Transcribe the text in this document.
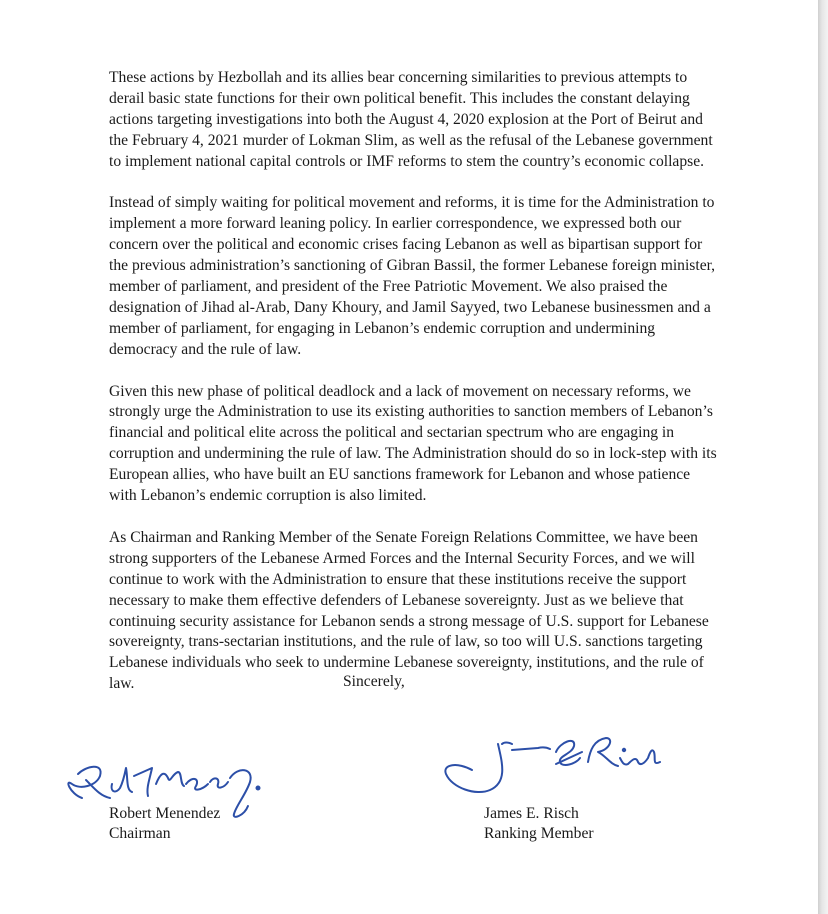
These actions by Hezbollah and its allies bear concerning similarities to previous attempts to derail basic state functions for their own political benefit. This includes the constant delaying actions targeting investigations into both the August 4, 2020 explosion at the Port of Beirut and the February 4, 2021 murder of Lokman Slim, as well as the refusal of the Lebanese government to implement national capital controls or IMF reforms to stem the country’s economic collapse.

Instead of simply waiting for political movement and reforms, it is time for the Administration to implement a more forward leaning policy. In earlier correspondence, we expressed both our concern over the political and economic crises facing Lebanon as well as bipartisan support for the previous administration’s sanctioning of Gibran Bassil, the former Lebanese foreign minister, member of parliament, and president of the Free Patriotic Movement. We also praised the designation of Jihad al-Arab, Dany Khoury, and Jamil Sayyed, two Lebanese businessmen and a member of parliament, for engaging in Lebanon’s endemic corruption and undermining democracy and the rule of law.

Given this new phase of political deadlock and a lack of movement on necessary reforms, we strongly urge the Administration to use its existing authorities to sanction members of Lebanon’s financial and political elite across the political and sectarian spectrum who are engaging in corruption and undermining the rule of law. The Administration should do so in lock-step with its European allies, who have built an EU sanctions framework for Lebanon and whose patience with Lebanon’s endemic corruption is also limited.

As Chairman and Ranking Member of the Senate Foreign Relations Committee, we have been strong supporters of the Lebanese Armed Forces and the Internal Security Forces, and we will continue to work with the Administration to ensure that these institutions receive the support necessary to make them effective defenders of Lebanese sovereignty. Just as we believe that continuing security assistance for Lebanon sends a strong message of U.S. support for Lebanese sovereignty, trans-sectarian institutions, and the rule of law, so too will U.S. sanctions targeting Lebanese individuals who seek to undermine Lebanese sovereignty, institutions, and the rule of law.	Sincerely,
Robert Menendez
Chairman
James E. Risch
Ranking Member
